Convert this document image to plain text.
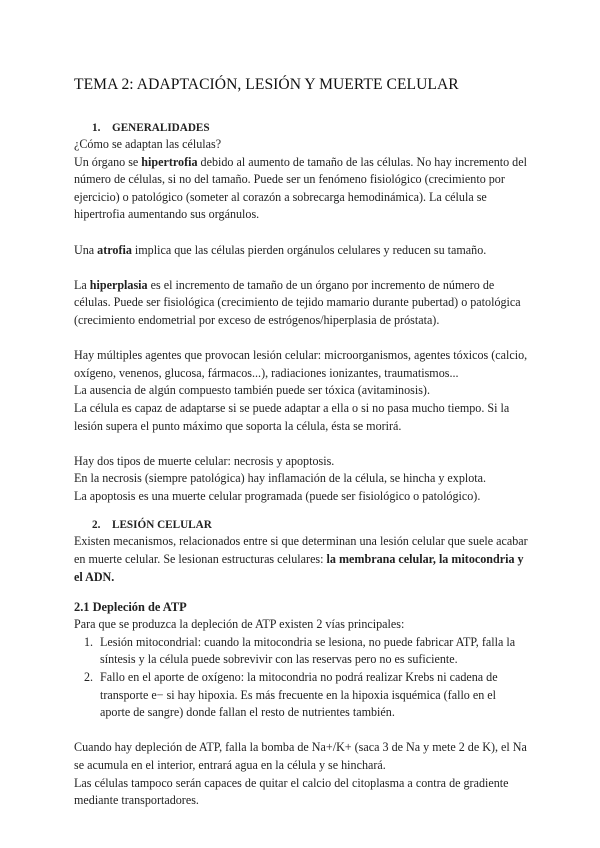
TEMA 2: ADAPTACIÓN, LESIÓN Y MUERTE CELULAR

1. GENERALIDADES

¿Cómo se adaptan las células?

Un órgano se hipertrofia debido al aumento de tamaño de las células. No hay incremento del número de células, si no del tamaño. Puede ser un fenómeno fisiológico (crecimiento por ejercicio) o patológico (someter al corazón a sobrecarga hemodinámica). La célula se hipertrofia aumentando sus orgánulos.

Una atrofia implica que las células pierden orgánulos celulares y reducen su tamaño.

La hiperplasia es el incremento de tamaño de un órgano por incremento de número de células. Puede ser fisiológica (crecimiento de tejido mamario durante pubertad) o patológica (crecimiento endometrial por exceso de estrógenos/hiperplasia de próstata).

Hay múltiples agentes que provocan lesión celular: microorganismos, agentes tóxicos (calcio, oxígeno, venenos, glucosa, fármacos...), radiaciones ionizantes, traumatismos...

La ausencia de algún compuesto también puede ser tóxica (avitaminosis).

La célula es capaz de adaptarse si se puede adaptar a ella o si no pasa mucho tiempo. Si la lesión supera el punto máximo que soporta la célula, ésta se morirá.

Hay dos tipos de muerte celular: necrosis y apoptosis.

En la necrosis (siempre patológica) hay inflamación de la célula, se hincha y explota.

La apoptosis es una muerte celular programada (puede ser fisiológico o patológico).

2. LESIÓN CELULAR

Existen mecanismos, relacionados entre si que determinan una lesión celular que suele acabar en muerte celular. Se lesionan estructuras celulares: la membrana celular, la mitocondria y el ADN.

2.1 Depleción de ATP

Para que se produzca la depleción de ATP existen 2 vías principales:

1. Lesión mitocondrial: cuando la mitocondria se lesiona, no puede fabricar ATP, falla la síntesis y la célula puede sobrevivir con las reservas pero no es suficiente.
2. Fallo en el aporte de oxígeno: la mitocondria no podrá realizar Krebs ni cadena de transporte e− si hay hipoxia. Es más frecuente en la hipoxia isquémica (fallo en el aporte de sangre) donde fallan el resto de nutrientes también.

Cuando hay depleción de ATP, falla la bomba de Na+/K+ (saca 3 de Na y mete 2 de K), el Na se acumula en el interior, entrará agua en la célula y se hinchará.

Las células tampoco serán capaces de quitar el calcio del citoplasma a contra de gradiente mediante transportadores.
